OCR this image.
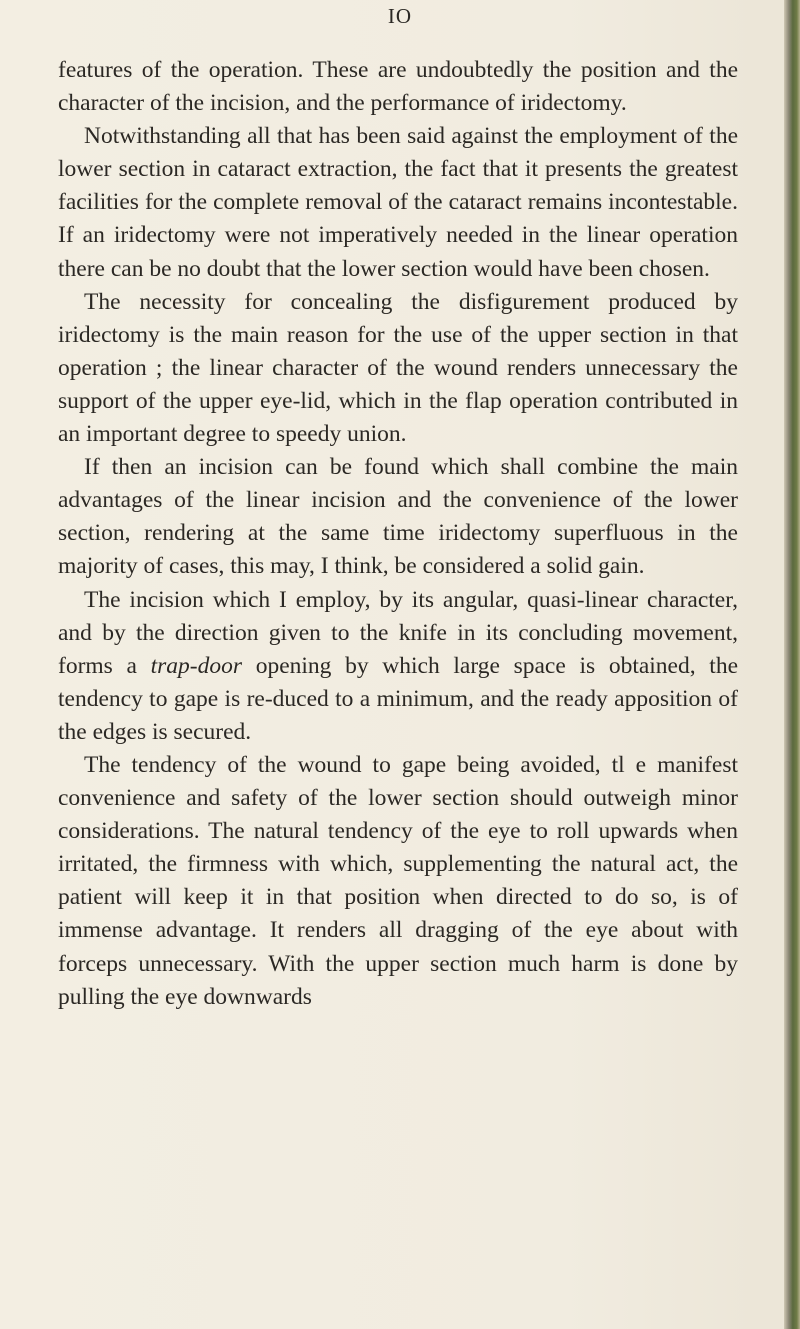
IO

features of the operation. These are undoubtedly the position and the character of the incision, and the performance of iridectomy.

Notwithstanding all that has been said against the employment of the lower section in cataract extraction, the fact that it presents the greatest facilities for the complete removal of the cataract remains incontestable. If an iridectomy were not imperatively needed in the linear operation there can be no doubt that the lower section would have been chosen.

The necessity for concealing the disfigurement produced by iridectomy is the main reason for the use of the upper section in that operation ; the linear character of the wound renders unnecessary the support of the upper eye-lid, which in the flap operation contributed in an important degree to speedy union.

If then an incision can be found which shall combine the main advantages of the linear incision and the convenience of the lower section, rendering at the same time iridectomy superfluous in the majority of cases, this may, I think, be considered a solid gain.

The incision which I employ, by its angular, quasi-linear character, and by the direction given to the knife in its concluding movement, forms a trap-door opening by which large space is obtained, the tendency to gape is re-duced to a minimum, and the ready apposition of the edges is secured.

The tendency of the wound to gape being avoided, tl e manifest convenience and safety of the lower section should outweigh minor considerations. The natural tendency of the eye to roll upwards when irritated, the firmness with which, supplementing the natural act, the patient will keep it in that position when directed to do so, is of immense advantage. It renders all dragging of the eye about with forceps unnecessary. With the upper section much harm is done by pulling the eye downwards
